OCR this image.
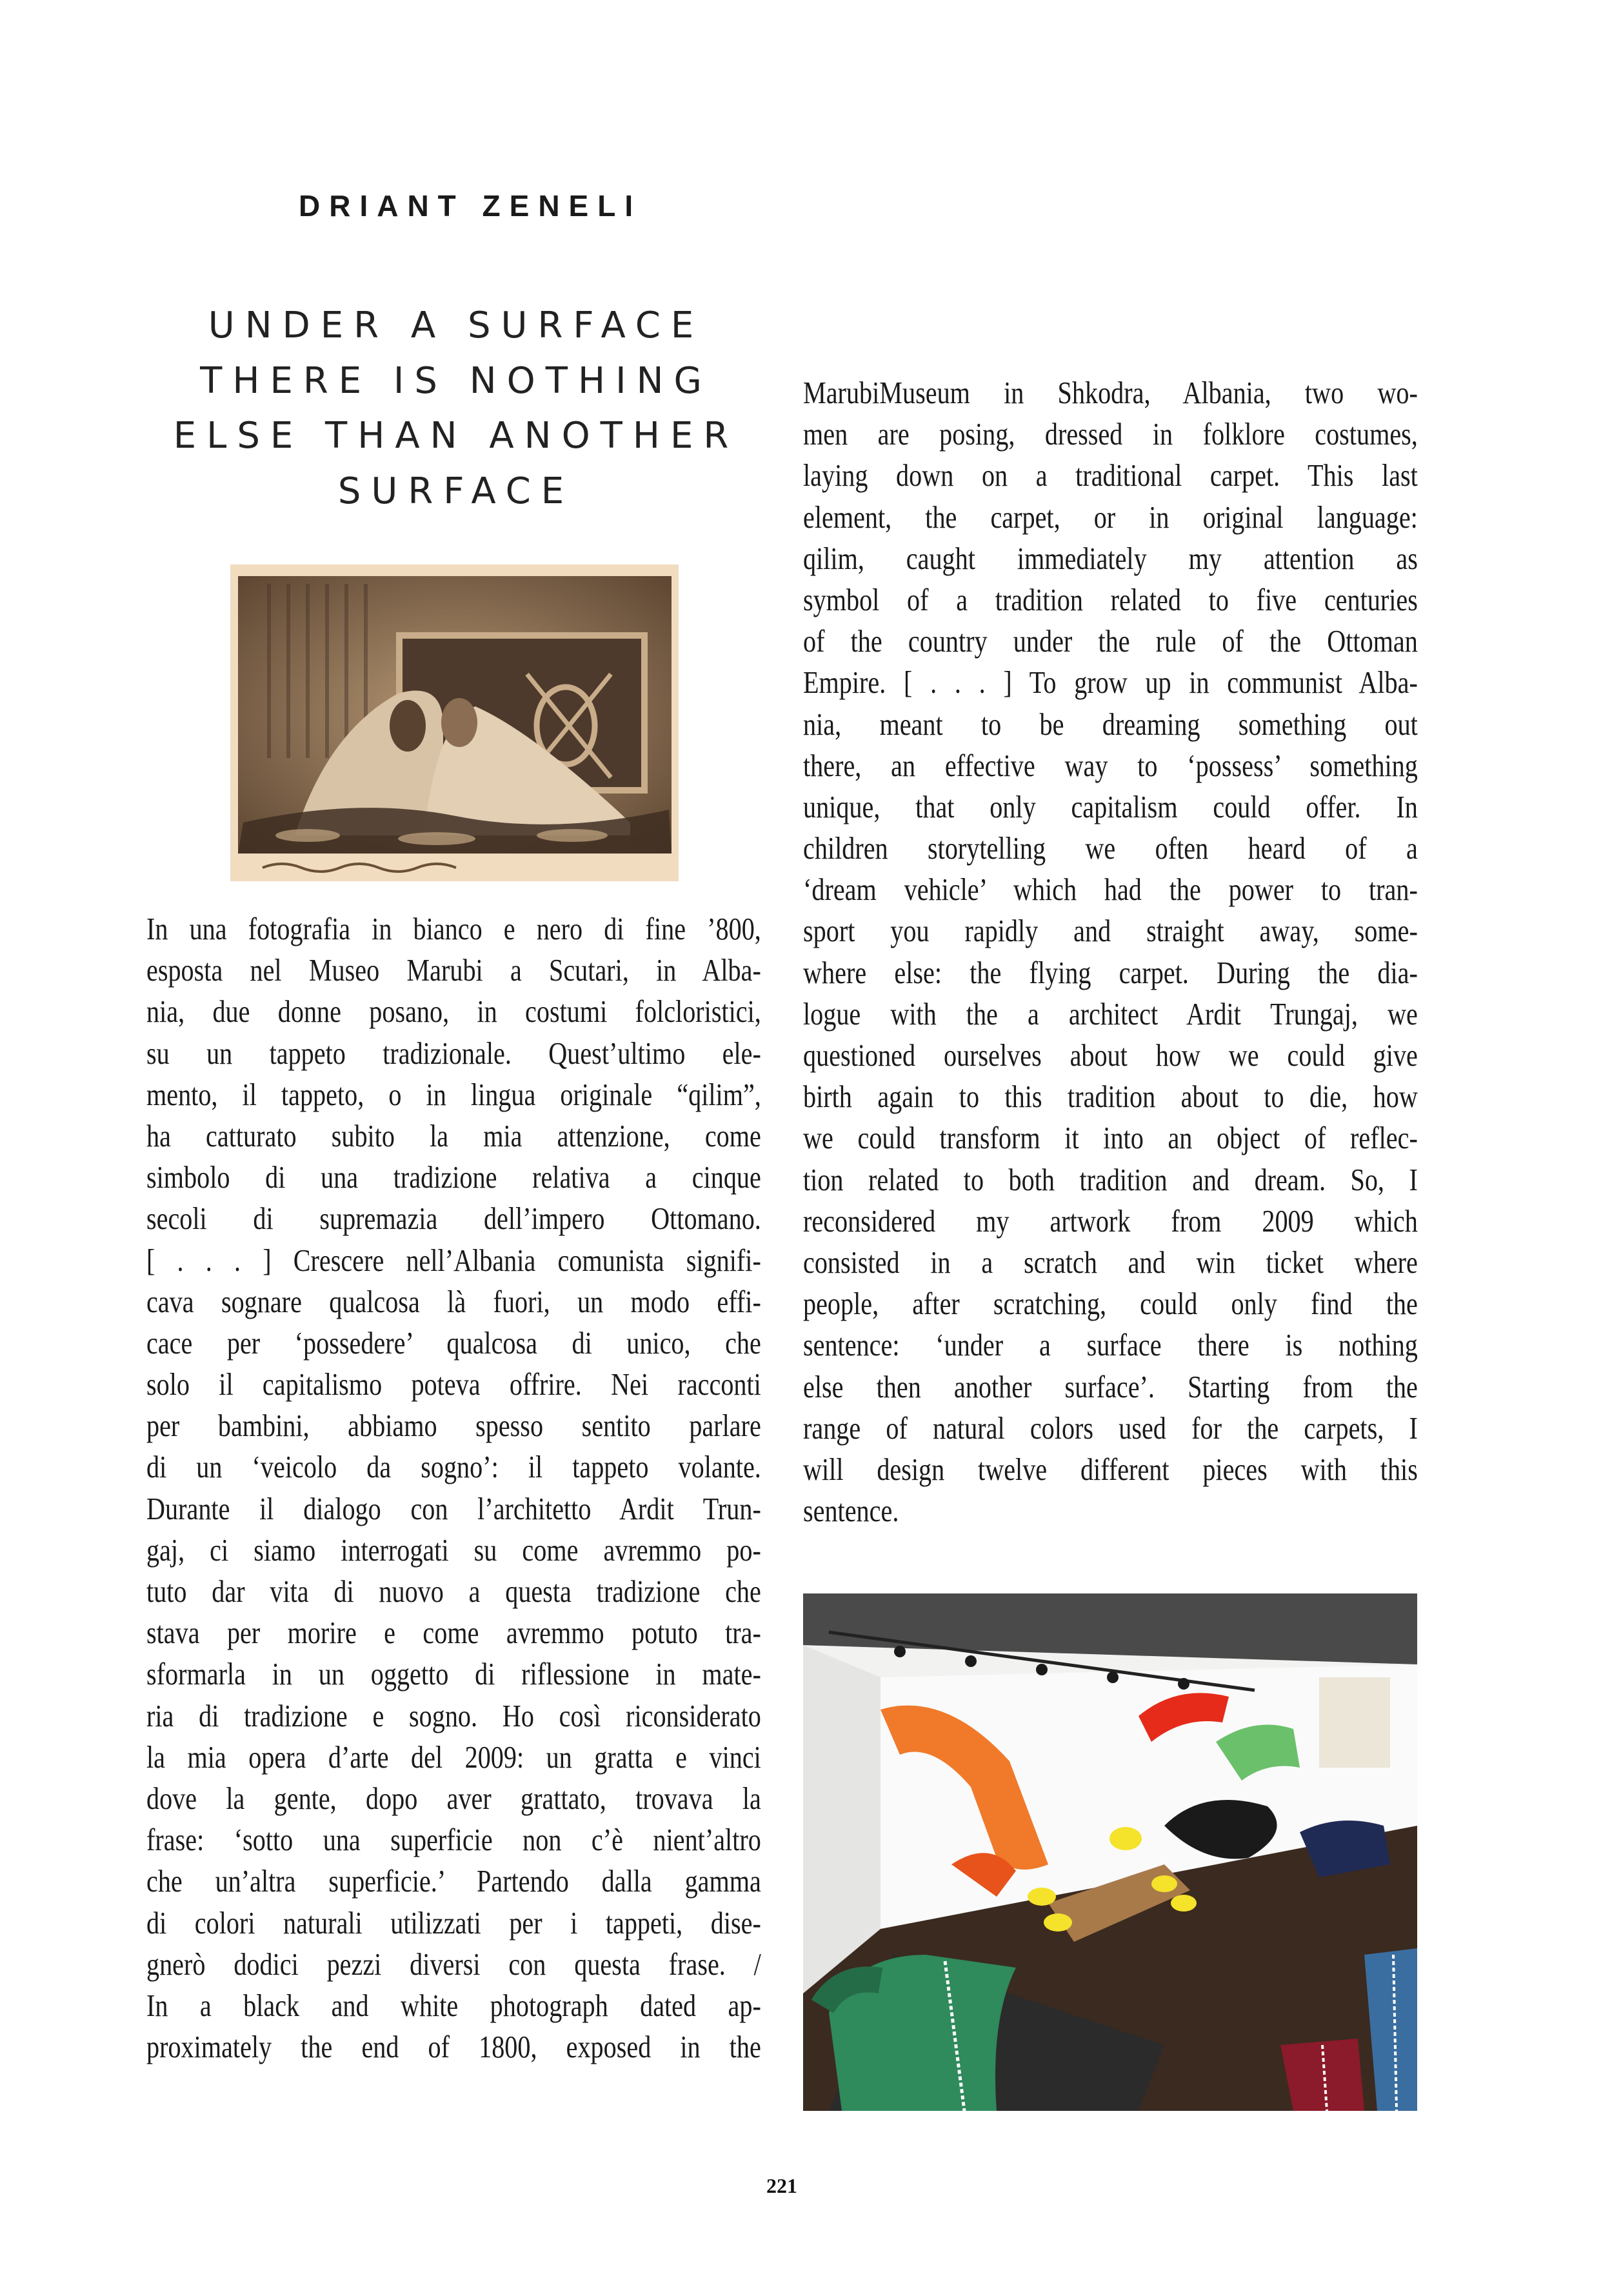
DRIANT ZENELI
UNDER A SURFACE
THERE IS NOTHING
ELSE THAN ANOTHER
SURFACE
In una fotografia in bianco e nero di fine ’800,
esposta nel Museo Marubi a Scutari, in Alba-
nia, due donne posano, in costumi folcloristici,
su un tappeto tradizionale. Quest’ultimo ele-
mento, il tappeto, o in lingua originale “qilim”,
ha catturato subito la mia attenzione, come
simbolo di una tradizione relativa a cinque
secoli di supremazia dell’impero Ottomano.
[ . . . ] Crescere nell’Albania comunista signifi-
cava sognare qualcosa là fuori, un modo effi-
cace per ‘possedere’ qualcosa di unico, che
solo il capitalismo poteva offrire. Nei racconti
per bambini, abbiamo spesso sentito parlare
di un ‘veicolo da sogno’: il tappeto volante.
Durante il dialogo con l’architetto Ardit Trun-
gaj, ci siamo interrogati su come avremmo po-
tuto dar vita di nuovo a questa tradizione che
stava per morire e come avremmo potuto tra-
sformarla in un oggetto di riflessione in mate-
ria di tradizione e sogno. Ho così riconsiderato
la mia opera d’arte del 2009: un gratta e vinci
dove la gente, dopo aver grattato, trovava la
frase: ‘sotto una superficie non c’è nient’altro
che un’altra superficie.’ Partendo dalla gamma
di colori naturali utilizzati per i tappeti, dise-
gnerò dodici pezzi diversi con questa frase. /
In a black and white photograph dated ap-
proximately the end of 1800, exposed in the
MarubiMuseum in Shkodra, Albania, two wo-
men are posing, dressed in folklore costumes,
laying down on a traditional carpet. This last
element, the carpet, or in original language:
qilim, caught immediately my attention as
symbol of a tradition related to five centuries
of the country under the rule of the Ottoman
Empire. [ . . . ] To grow up in communist Alba-
nia, meant to be dreaming something out
there, an effective way to ‘possess’ something
unique, that only capitalism could offer. In
children storytelling we often heard of a
‘dream vehicle’ which had the power to tran-
sport you rapidly and straight away, some-
where else: the flying carpet. During the dia-
logue with the a architect Ardit Trungaj, we
questioned ourselves about how we could give
birth again to this tradition about to die, how
we could transform it into an object of reflec-
tion related to both tradition and dream. So, I
reconsidered my artwork from 2009 which
consisted in a scratch and win ticket where
people, after scratching, could only find the
sentence: ‘under a surface there is nothing
else then another surface’. Starting from the
range of natural colors used for the carpets, I
will design twelve different pieces with this
sentence.
221
